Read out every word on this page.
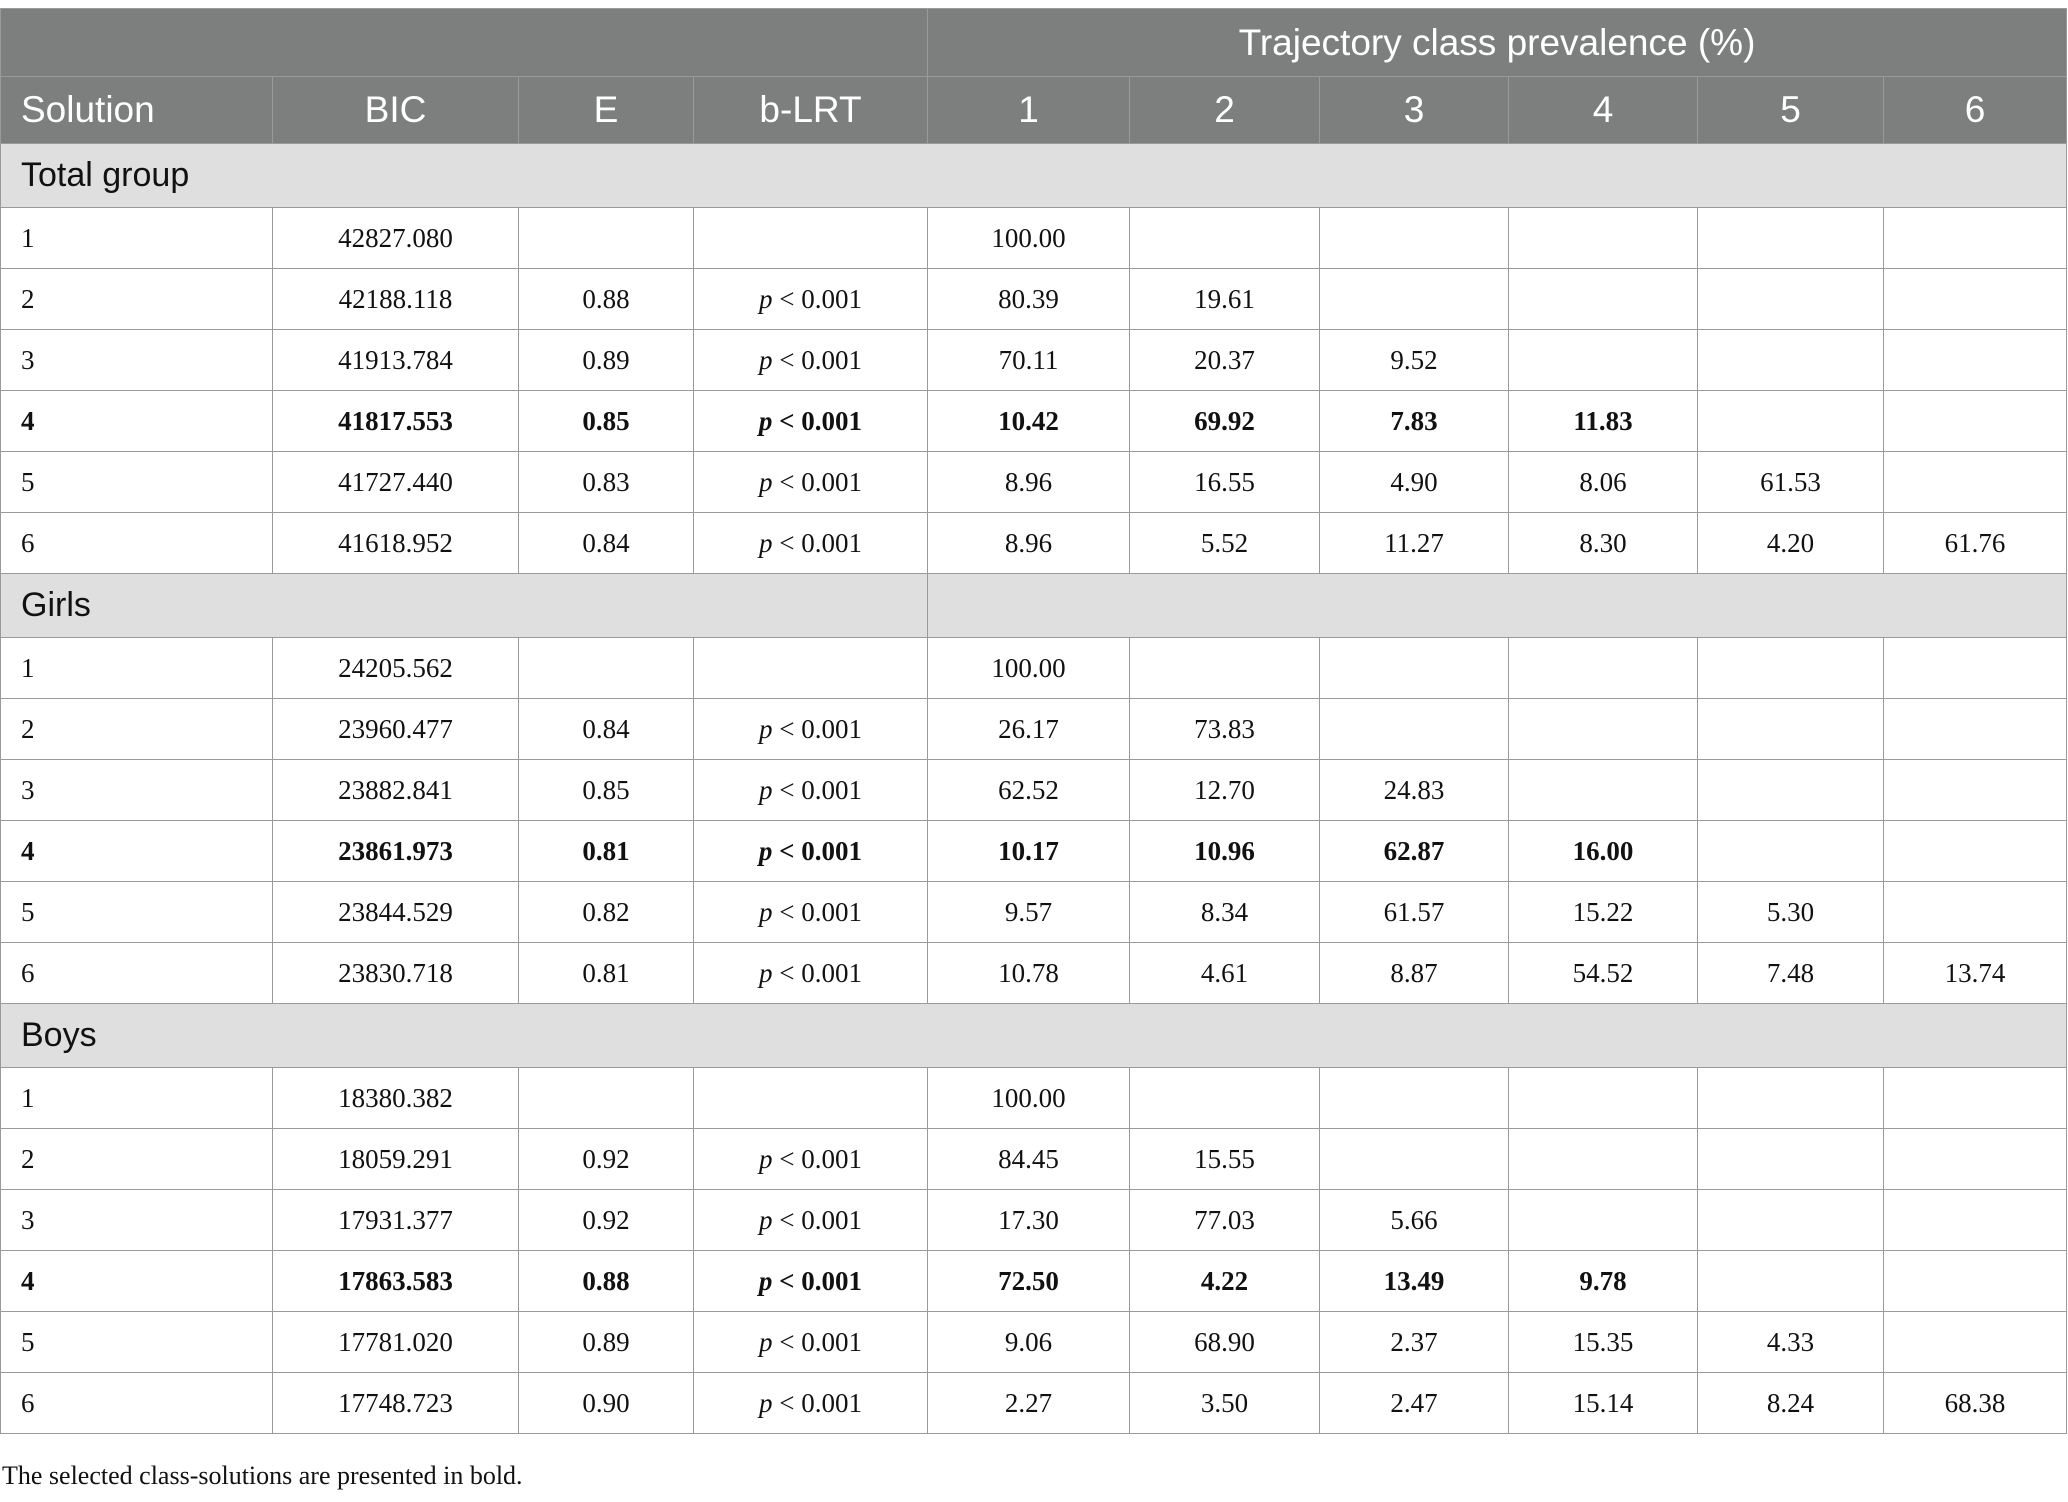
				Trajectory class prevalence (%)					
Solution	BIC	E	b-LRT	1	2	3	4	5	6
Total group									
1	42827.080			100.00					
2	42188.118	0.88	p < 0.001	80.39	19.61				
3	41913.784	0.89	p < 0.001	70.11	20.37	9.52			
4	41817.553	0.85	p < 0.001	10.42	69.92	7.83	11.83		
5	41727.440	0.83	p < 0.001	8.96	16.55	4.90	8.06	61.53	
6	41618.952	0.84	p < 0.001	8.96	5.52	11.27	8.30	4.20	61.76
Girls									
1	24205.562			100.00					
2	23960.477	0.84	p < 0.001	26.17	73.83				
3	23882.841	0.85	p < 0.001	62.52	12.70	24.83			
4	23861.973	0.81	p < 0.001	10.17	10.96	62.87	16.00		
5	23844.529	0.82	p < 0.001	9.57	8.34	61.57	15.22	5.30	
6	23830.718	0.81	p < 0.001	10.78	4.61	8.87	54.52	7.48	13.74
Boys									
1	18380.382			100.00					
2	18059.291	0.92	p < 0.001	84.45	15.55				
3	17931.377	0.92	p < 0.001	17.30	77.03	5.66			
4	17863.583	0.88	p < 0.001	72.50	4.22	13.49	9.78		
5	17781.020	0.89	p < 0.001	9.06	68.90	2.37	15.35	4.33	
6	17748.723	0.90	p < 0.001	2.27	3.50	2.47	15.14	8.24	68.38
The selected class-solutions are presented in bold.
